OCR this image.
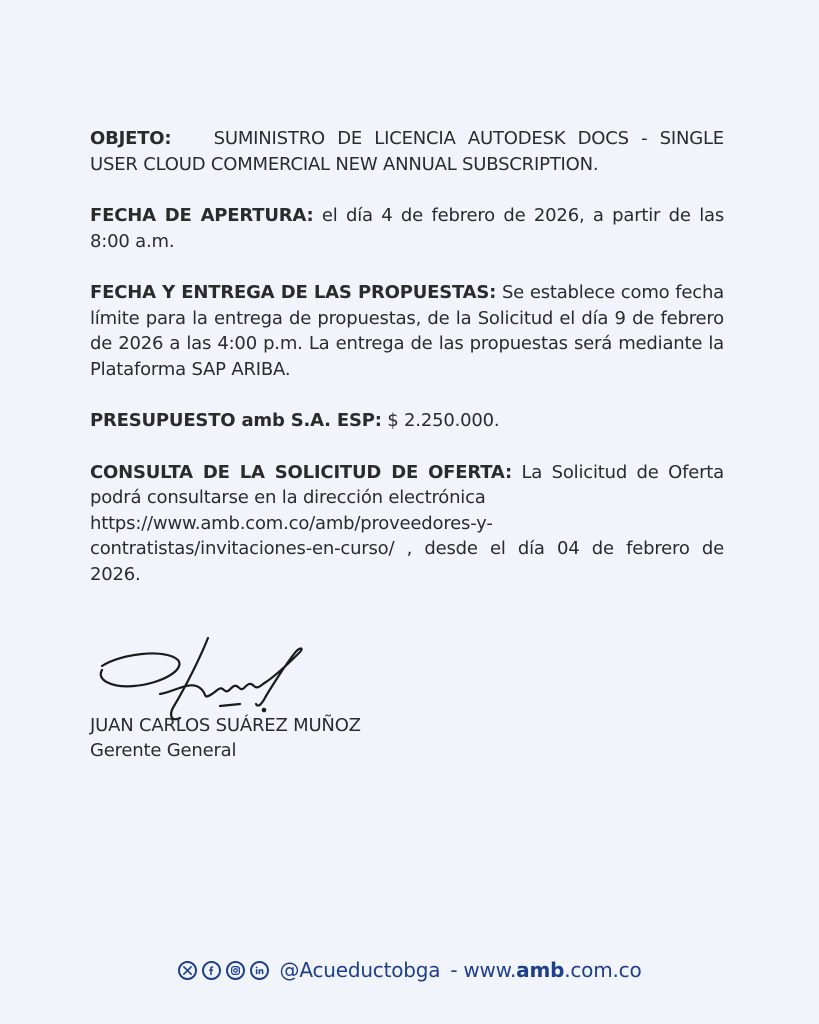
OBJETO: SUMINISTRO DE LICENCIA AUTODESK DOCS - SINGLE USER CLOUD COMMERCIAL NEW ANNUAL SUBSCRIPTION.

FECHA DE APERTURA: el día 4 de febrero de 2026, a partir de las 8:00 a.m.

FECHA Y ENTREGA DE LAS PROPUESTAS: Se establece como fecha límite para la entrega de propuestas, de la Solicitud el día 9 de febrero de 2026 a las 4:00 p.m. La entrega de las propuestas será mediante la Plataforma SAP ARIBA.

PRESUPUESTO amb S.A. ESP: $ 2.250.000.

CONSULTA DE LA SOLICITUD DE OFERTA: La Solicitud de Oferta podrá consultarse en la dirección electrónica
https://www.amb.com.co/amb/proveedores-y-
contratistas/invitaciones-en-curso/ , desde el día 04 de febrero de 2026.

JUAN CARLOS SUÁREZ MUÑOZ
Gerente General
@Acueductobga - www.amb.com.co
